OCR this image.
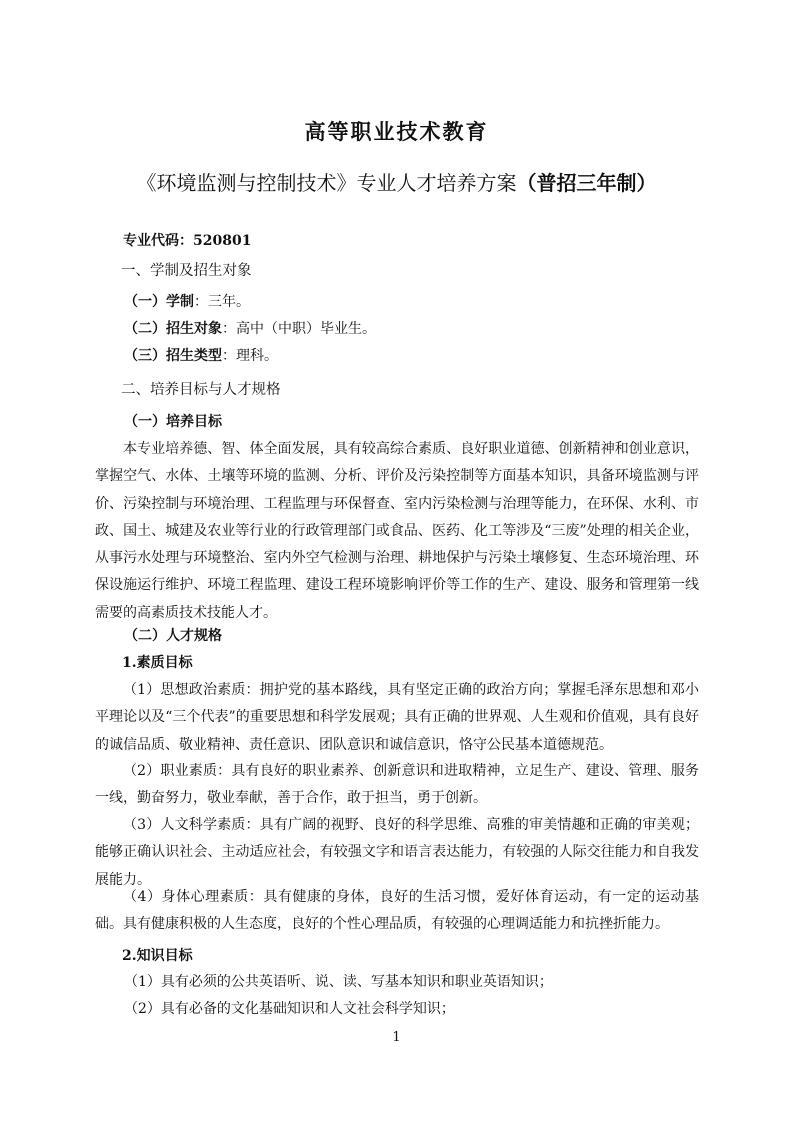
高等职业技术教育
《环境监测与控制技术》专业人才培养方案（普招三年制）
专业代码：520801
一、学制及招生对象
（一）学制：三年。
（二）招生对象：高中（中职）毕业生。
（三）招生类型：理科。
二、培养目标与人才规格
（一）培养目标
本专业培养德、智、体全面发展，具有较高综合素质、良好职业道德、创新精神和创业意识，掌握空气、水体、土壤等环境的监测、分析、评价及污染控制等方面基本知识，具备环境监测与评价、污染控制与环境治理、工程监理与环保督查、室内污染检测与治理等能力，在环保、水利、市政、国土、城建及农业等行业的行政管理部门或食品、医药、化工等涉及“三废”处理的相关企业，从事污水处理与环境整治、室内外空气检测与治理、耕地保护与污染土壤修复、生态环境治理、环保设施运行维护、环境工程监理、建设工程环境影响评价等工作的生产、建设、服务和管理第一线需要的高素质技术技能人才。
（二）人才规格
1.素质目标
（1）思想政治素质：拥护党的基本路线，具有坚定正确的政治方向；掌握毛泽东思想和邓小平理论以及“三个代表”的重要思想和科学发展观；具有正确的世界观、人生观和价值观，具有良好的诚信品质、敬业精神、责任意识、团队意识和诚信意识，恪守公民基本道德规范。
（2）职业素质：具有良好的职业素养、创新意识和进取精神，立足生产、建设、管理、服务一线，勤奋努力，敬业奉献，善于合作，敢于担当，勇于创新。
（3）人文科学素质：具有广阔的视野、良好的科学思维、高雅的审美情趣和正确的审美观；能够正确认识社会、主动适应社会，有较强文字和语言表达能力，有较强的人际交往能力和自我发展能力。
（4）身体心理素质：具有健康的身体，良好的生活习惯，爱好体育运动，有一定的运动基础。具有健康积极的人生态度，良好的个性心理品质，有较强的心理调适能力和抗挫折能力。
2.知识目标
（1）具有必须的公共英语听、说、读、写基本知识和职业英语知识；
（2）具有必备的文化基础知识和人文社会科学知识；
1
